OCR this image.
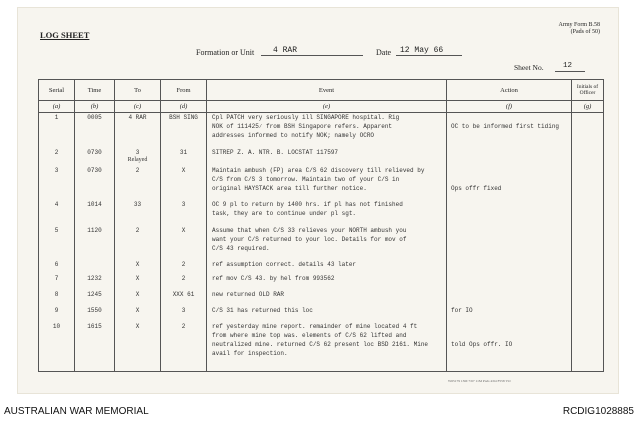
LOG SHEET
Army Form B.58
(Pads of 50)
Formation or Unit 4 RAR	Date 12 May 66
Sheet No.	12
Serial	Time	To	From	Event	Action	Initials of Officer
(a)	(b)	(c)	(d)	(e)	(f)	(g)

1	0005	4 RAR	BSH SING	Cpl PATCH very seriously ill SINGAPORE hospital. Rig
NOK of 111425∕ from BSH Singapore refers. Apparent
addresses informed to notify NOK; namely OCRO	OC to be informed first tiding	

2	0730	3
Relayed	31	SITREP Z. A. NTR. B. LOCSTAT 117597		

3	0730	2	X	Maintain ambush (FP) area C/S 62 discovery till relieved by
C/S from C/S 3 tomorrow. Maintain two of your C/S in
original HAYSTACK area till further notice.	Ops offr fixed	

4	1014	33	3	OC 9 pl to return by 1400 hrs. if pl has not finished
task, they are to continue under pl sgt.		

5	1120	2	X	Assume that when C/S 33 relieves your NORTH ambush you
want your C/S returned to your loc. Details for mov of
C/S 43 required.		

6		X	2	ref assumption correct. details 43 later		

7	1232	X	2	ref mov C/S 43. by hel from 993562		

8	1245	X	XXX 61	new returned OLD RAR		

9	1550	X	3	C/S 31 has returned this loc	for IO	

10	1615	X	2	ref yesterday mine report. remainder of mine located 4 ft
from where mine top was. elements of C/S 62 lifted and
neutralized mine. returned C/S 62 present loc BSD 2161. Mine
avail for inspection.	told Ops offr. IO	

W65179 13M 7/67 11M Pads 4/64 F558 VO
AUSTRALIAN WAR MEMORIAL	RCDIG1028885
